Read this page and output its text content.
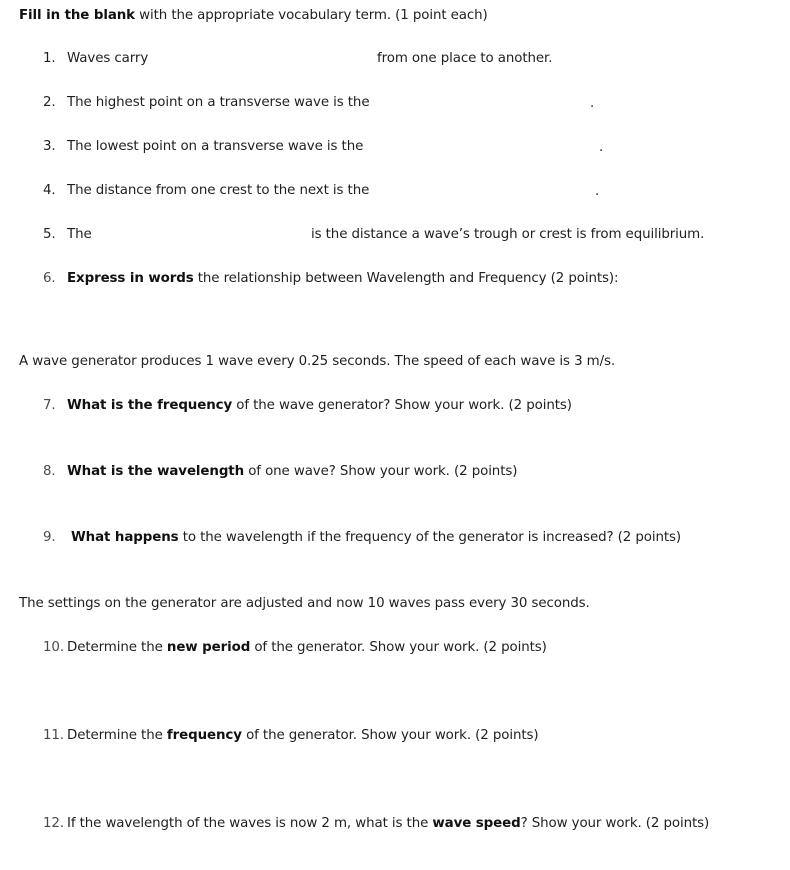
Fill in the blank with the appropriate vocabulary term. (1 point each)
1. Waves carry	from one place to another.
2. The highest point on a transverse wave is the	.
3. The lowest point on a transverse wave is the	.
4. The distance from one crest to the next is the	.
5. The	is the distance a wave’s trough or crest is from equilibrium.
6. Express in words the relationship between Wavelength and Frequency (2 points):
A wave generator produces 1 wave every 0.25 seconds. The speed of each wave is 3 m/s.
7. What is the frequency of the wave generator? Show your work. (2 points)
8. What is the wavelength of one wave? Show your work. (2 points)
9. What happens to the wavelength if the frequency of the generator is increased? (2 points)
The settings on the generator are adjusted and now 10 waves pass every 30 seconds.
10. Determine the new period of the generator. Show your work. (2 points)
11. Determine the frequency of the generator. Show your work. (2 points)
12. If the wavelength of the waves is now 2 m, what is the wave speed? Show your work. (2 points)
